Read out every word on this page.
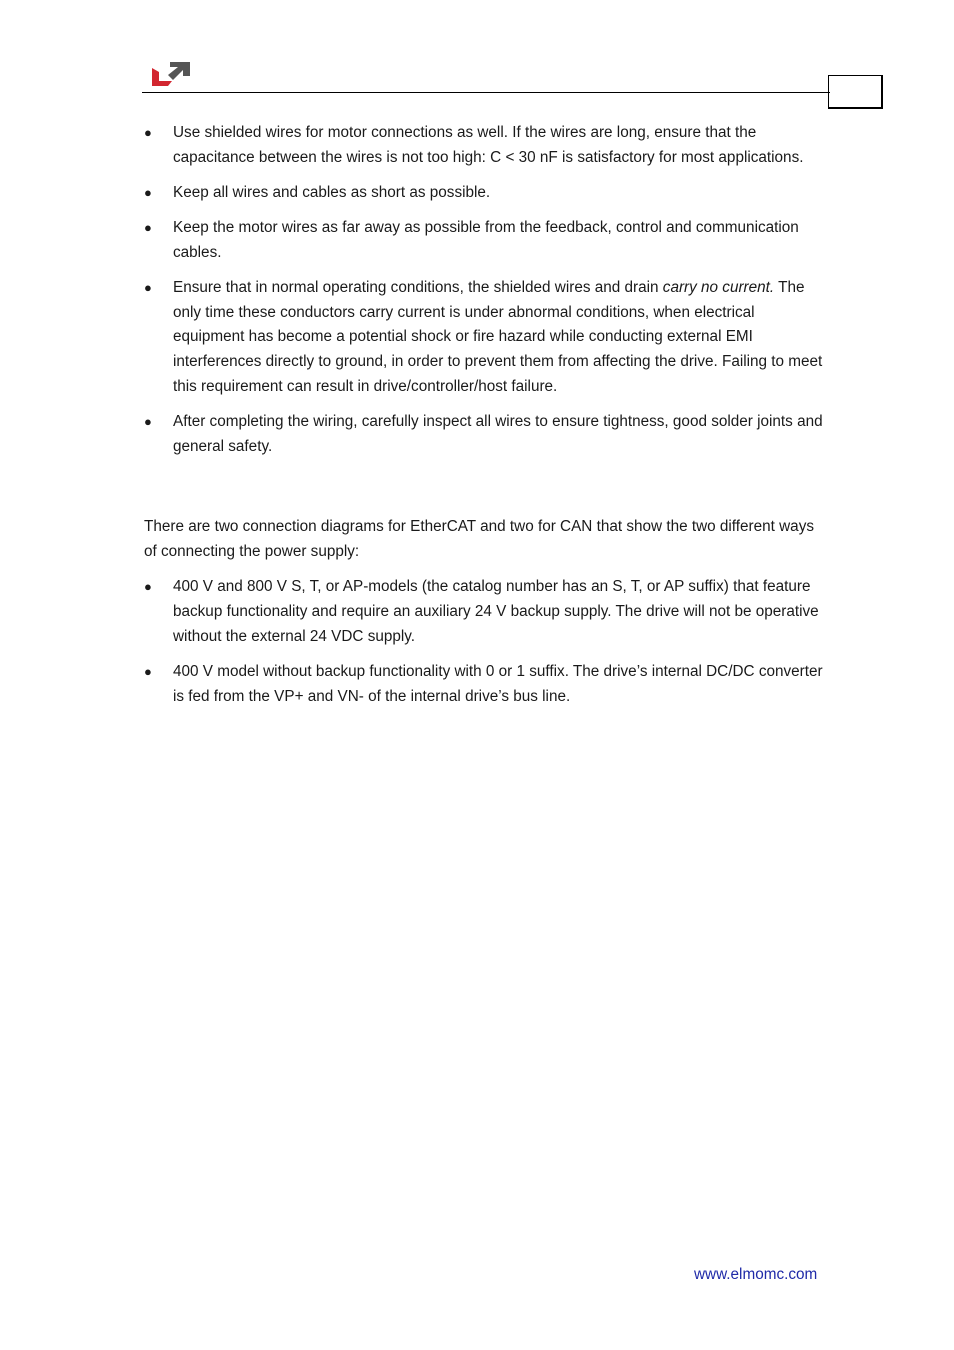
● Use shielded wires for motor connections as well. If the wires are long, ensure that the capacitance between the wires is not too high: C < 30 nF is satisfactory for most applications.
● Keep all wires and cables as short as possible.
● Keep the motor wires as far away as possible from the feedback, control and communication cables.
● Ensure that in normal operating conditions, the shielded wires and drain carry no current. The only time these conductors carry current is under abnormal conditions, when electrical equipment has become a potential shock or fire hazard while conducting external EMI interferences directly to ground, in order to prevent them from affecting the drive. Failing to meet this requirement can result in drive/controller/host failure.
● After completing the wiring, carefully inspect all wires to ensure tightness, good solder joints and general safety.

There are two connection diagrams for EtherCAT and two for CAN that show the two different ways of connecting the power supply:

● 400 V and 800 V S, T, or AP-models (the catalog number has an S, T, or AP suffix) that feature backup functionality and require an auxiliary 24 V backup supply. The drive will not be operative without the external 24 VDC supply.
● 400 V model without backup functionality with 0 or 1 suffix. The drive’s internal DC/DC converter is fed from the VP+ and VN- of the internal drive’s bus line.
www.elmomc.com
